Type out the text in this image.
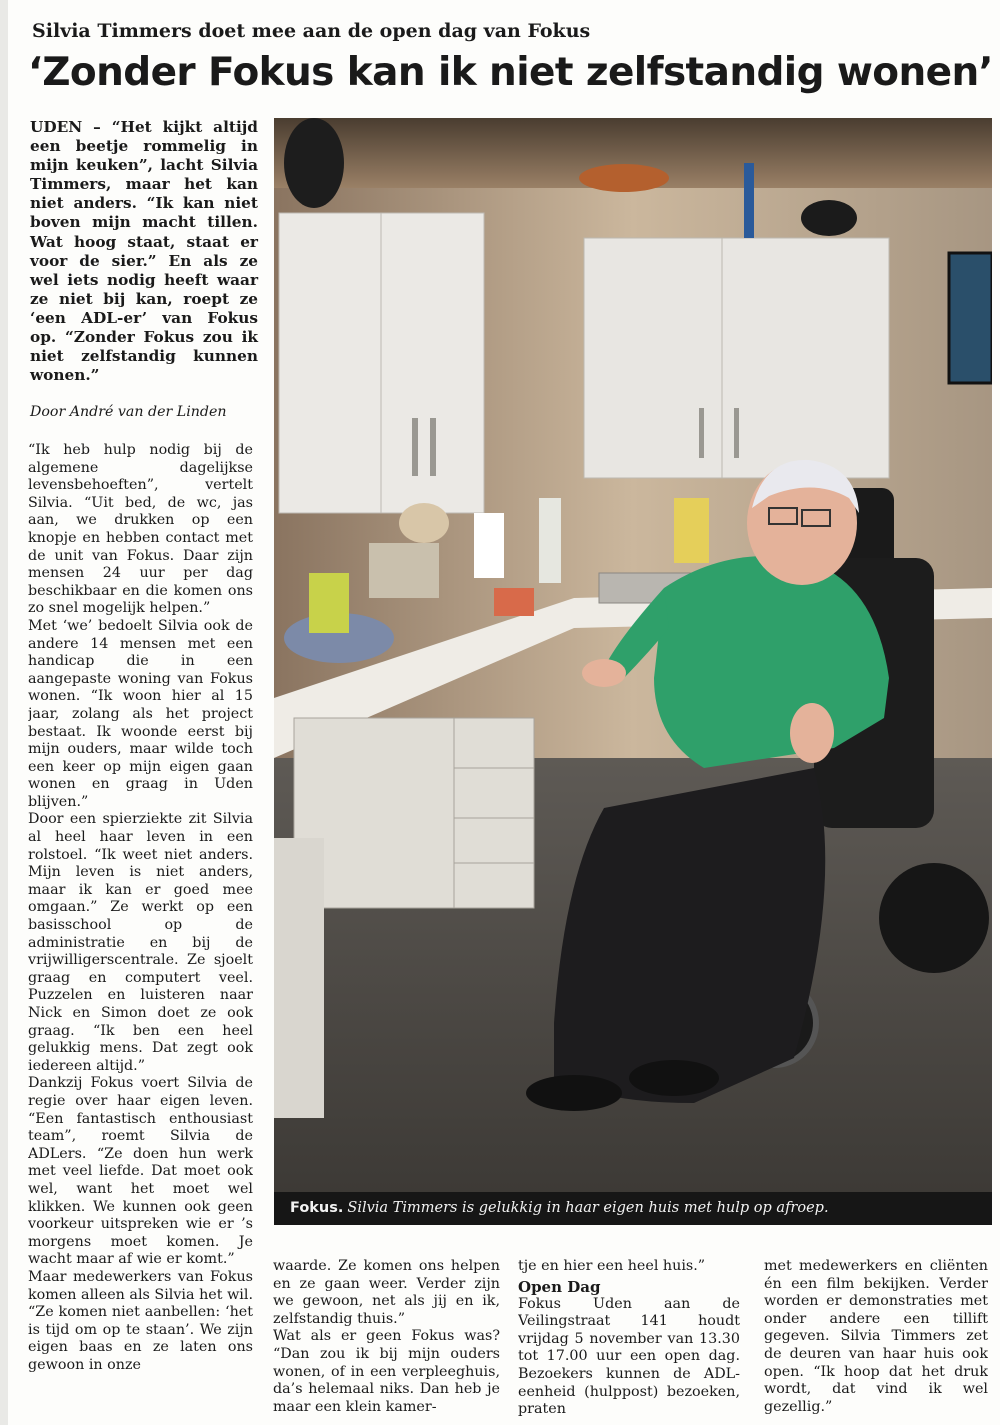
Silvia Timmers doet mee aan de open dag van Fokus
‘Zonder Fokus kan ik niet zelfstandig wonen’

UDEN – “Het kijkt altijd een beetje rommelig in mijn keuken”, lacht Silvia Timmers, maar het kan niet anders. “Ik kan niet boven mijn macht tillen. Wat hoog staat, staat er voor de sier.” En als ze wel iets nodig heeft waar ze niet bij kan, roept ze ‘een ADL-er’ van Fokus op. “Zonder Fokus zou ik niet zelfstandig kunnen wonen.”

Door André van der Linden

“Ik heb hulp nodig bij de algemene dagelijkse levensbehoeften”, vertelt Silvia. “Uit bed, de wc, jas aan, we drukken op een knopje en hebben contact met de unit van Fokus. Daar zijn mensen 24 uur per dag beschikbaar en die komen ons zo snel mogelijk helpen.”

Met ‘we’ bedoelt Silvia ook de andere 14 mensen met een handicap die in een aangepaste woning van Fokus wonen. “Ik woon hier al 15 jaar, zolang als het project bestaat. Ik woonde eerst bij mijn ouders, maar wilde toch een keer op mijn eigen gaan wonen en graag in Uden blijven.”

Door een spierziekte zit Silvia al heel haar leven in een rolstoel. “Ik weet niet anders. Mijn leven is niet anders, maar ik kan er goed mee omgaan.” Ze werkt op een basisschool op de administratie en bij de vrijwilligerscentrale. Ze sjoelt graag en computert veel. Puzzelen en luisteren naar Nick en Simon doet ze ook graag. “Ik ben een heel gelukkig mens. Dat zegt ook iedereen altijd.”

Dankzij Fokus voert Silvia de regie over haar eigen leven. “Een fantastisch enthousiast team”, roemt Silvia de ADLers. “Ze doen hun werk met veel liefde. Dat moet ook wel, want het moet wel klikken. We kunnen ook geen voorkeur uitspreken wie er ’s morgens moet komen. Je wacht maar af wie er komt.”

Maar medewerkers van Fokus komen alleen als Silvia het wil. “Ze komen niet aanbellen: ‘het is tijd om op te staan’. We zijn eigen baas en ze laten ons gewoon in onze

Fokus. Silvia Timmers is gelukkig in haar eigen huis met hulp op afroep.

waarde. Ze komen ons helpen en ze gaan weer. Verder zijn we gewoon, net als jij en ik, zelfstandig thuis.”

Wat als er geen Fokus was? “Dan zou ik bij mijn ouders wonen, of in een verpleeghuis, da’s helemaal niks. Dan heb je maar een klein kamer-

tje en hier een heel huis.”

Open Dag

Fokus Uden aan de Veilingstraat 141 houdt vrijdag 5 november van 13.30 tot 17.00 uur een open dag. Bezoekers kunnen de ADL-eenheid (hulppost) bezoeken, praten

met medewerkers en cliënten én een film bekijken. Verder worden er demonstraties met onder andere een tillift gegeven. Silvia Timmers zet de deuren van haar huis ook open. “Ik hoop dat het druk wordt, dat vind ik wel gezellig.”
